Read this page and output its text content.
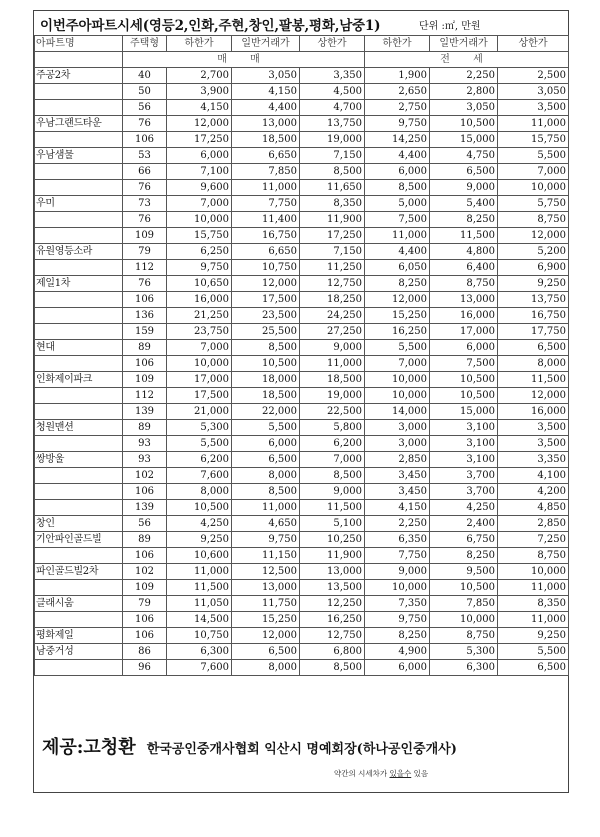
이번주아파트시세(영등2,인화,주현,창인,팔봉,평화,남중1)	단위 :㎡, 만원
아파트명	주택형	하한가	일반거래가	상한가	하한가	일반거래가	상한가
	매 매				전 세		
주공2차	40	2,700	3,050	3,350	1,900	2,250	2,500
	50	3,900	4,150	4,500	2,650	2,800	3,050
	56	4,150	4,400	4,700	2,750	3,050	3,500
우남그랜드타운	76	12,000	13,000	13,750	9,750	10,500	11,000
	106	17,250	18,500	19,000	14,250	15,000	15,750
우남샘물	53	6,000	6,650	7,150	4,400	4,750	5,500
	66	7,100	7,850	8,500	6,000	6,500	7,000
	76	9,600	11,000	11,650	8,500	9,000	10,000
우미	73	7,000	7,750	8,350	5,000	5,400	5,750
	76	10,000	11,400	11,900	7,500	8,250	8,750
	109	15,750	16,750	17,250	11,000	11,500	12,000
유원영등소라	79	6,250	6,650	7,150	4,400	4,800	5,200
	112	9,750	10,750	11,250	6,050	6,400	6,900
제일1차	76	10,650	12,000	12,750	8,250	8,750	9,250
	106	16,000	17,500	18,250	12,000	13,000	13,750
	136	21,250	23,500	24,250	15,250	16,000	16,750
	159	23,750	25,500	27,250	16,250	17,000	17,750
현대	89	7,000	8,500	9,000	5,500	6,000	6,500
	106	10,000	10,500	11,000	7,000	7,500	8,000
인화제이파크	109	17,000	18,000	18,500	10,000	10,500	11,500
	112	17,500	18,500	19,000	10,000	10,500	12,000
	139	21,000	22,000	22,500	14,000	15,000	16,000
청원맨션	89	5,300	5,500	5,800	3,000	3,100	3,500
	93	5,500	6,000	6,200	3,000	3,100	3,500
쌍방울	93	6,200	6,500	7,000	2,850	3,100	3,350
	102	7,600	8,000	8,500	3,450	3,700	4,100
	106	8,000	8,500	9,000	3,450	3,700	4,200
	139	10,500	11,000	11,500	4,150	4,250	4,850
창인	56	4,250	4,650	5,100	2,250	2,400	2,850
기안파인골드빌	89	9,250	9,750	10,250	6,350	6,750	7,250
	106	10,600	11,150	11,900	7,750	8,250	8,750
파인골드빌2차	102	11,000	12,500	13,000	9,000	9,500	10,000
	109	11,500	13,000	13,500	10,000	10,500	11,000
클래시움	79	11,050	11,750	12,250	7,350	7,850	8,350
	106	14,500	15,250	16,250	9,750	10,000	11,000
평화제일	106	10,750	12,000	12,750	8,250	8,750	9,250
남중거성	86	6,300	6,500	6,800	4,900	5,300	5,500
	96	7,600	8,000	8,500	6,000	6,300	6,500
제공:고청환 한국공인중개사협회 익산시 명예회장(하나공인중개사)
약간의 시세차가 있을수 있음
